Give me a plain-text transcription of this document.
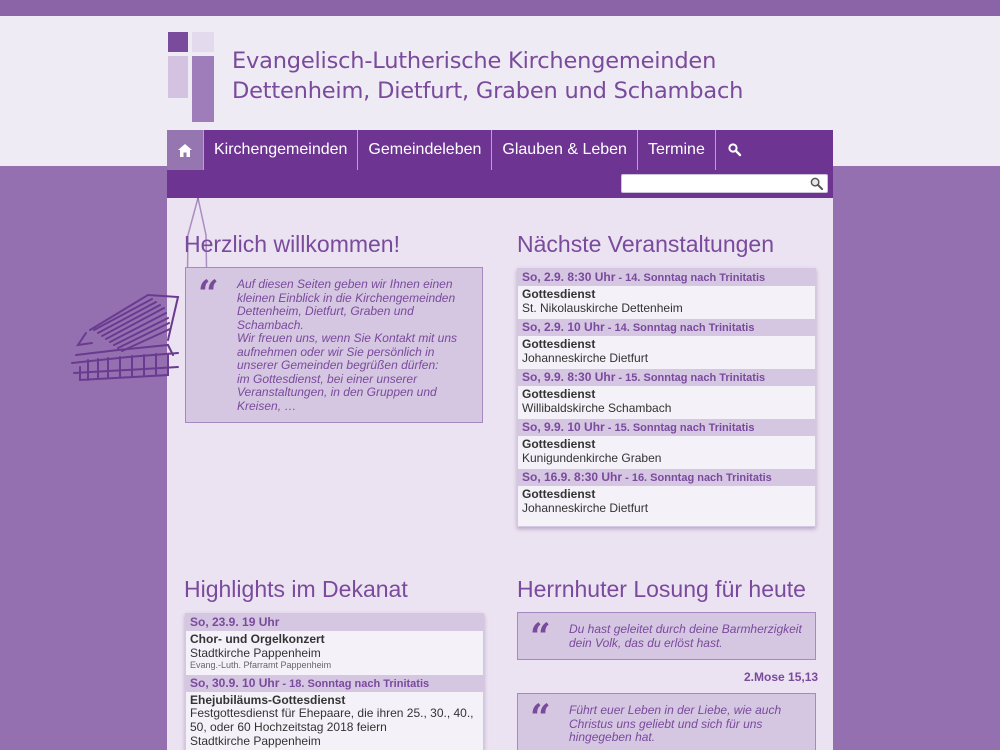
Evangelisch-Lutherische Kirchengemeinden
Dettenheim, Dietfurt, Graben und Schambach
Kirchengemeinden	Gemeindeleben	Glauben & Leben	Termine
Herzlich willkommen!
“ Auf diesen Seiten geben wir Ihnen einen kleinen Einblick in die Kirchengemeinden Dettenheim, Dietfurt, Graben und Schambach.
Wir freuen uns, wenn Sie Kontakt mit uns aufnehmen oder wir Sie persönlich in unserer Gemeinden begrüßen dürfen:
im Gottesdienst, bei einer unserer Veranstaltungen, in den Gruppen und Kreisen, …
Nächste Veranstaltungen
So, 2.9. 8:30 Uhr - 14. Sonntag nach Trinitatis
Gottesdienst
St. Nikolauskirche Dettenheim
So, 2.9. 10 Uhr - 14. Sonntag nach Trinitatis
Gottesdienst
Johanneskirche Dietfurt
So, 9.9. 8:30 Uhr - 15. Sonntag nach Trinitatis
Gottesdienst
Willibaldskirche Schambach
So, 9.9. 10 Uhr - 15. Sonntag nach Trinitatis
Gottesdienst
Kunigundenkirche Graben
So, 16.9. 8:30 Uhr - 16. Sonntag nach Trinitatis
Gottesdienst
Johanneskirche Dietfurt
Highlights im Dekanat
So, 23.9. 19 Uhr
Chor- und Orgelkonzert
Stadtkirche Pappenheim
Evang.-Luth. Pfarramt Pappenheim
So, 30.9. 10 Uhr - 18. Sonntag nach Trinitatis
Ehejubiläums-Gottesdienst
Festgottesdienst für Ehepaare, die ihren 25., 30., 40., 50, oder 60 Hochzeitstag 2018 feiern
Stadtkirche Pappenheim
Herrnhuter Losung für heute
“ Du hast geleitet durch deine Barmherzigkeit dein Volk, das du erlöst hast.
2.Mose 15,13
“ Führt euer Leben in der Liebe, wie auch Christus uns geliebt und sich für uns hingegeben hat.
